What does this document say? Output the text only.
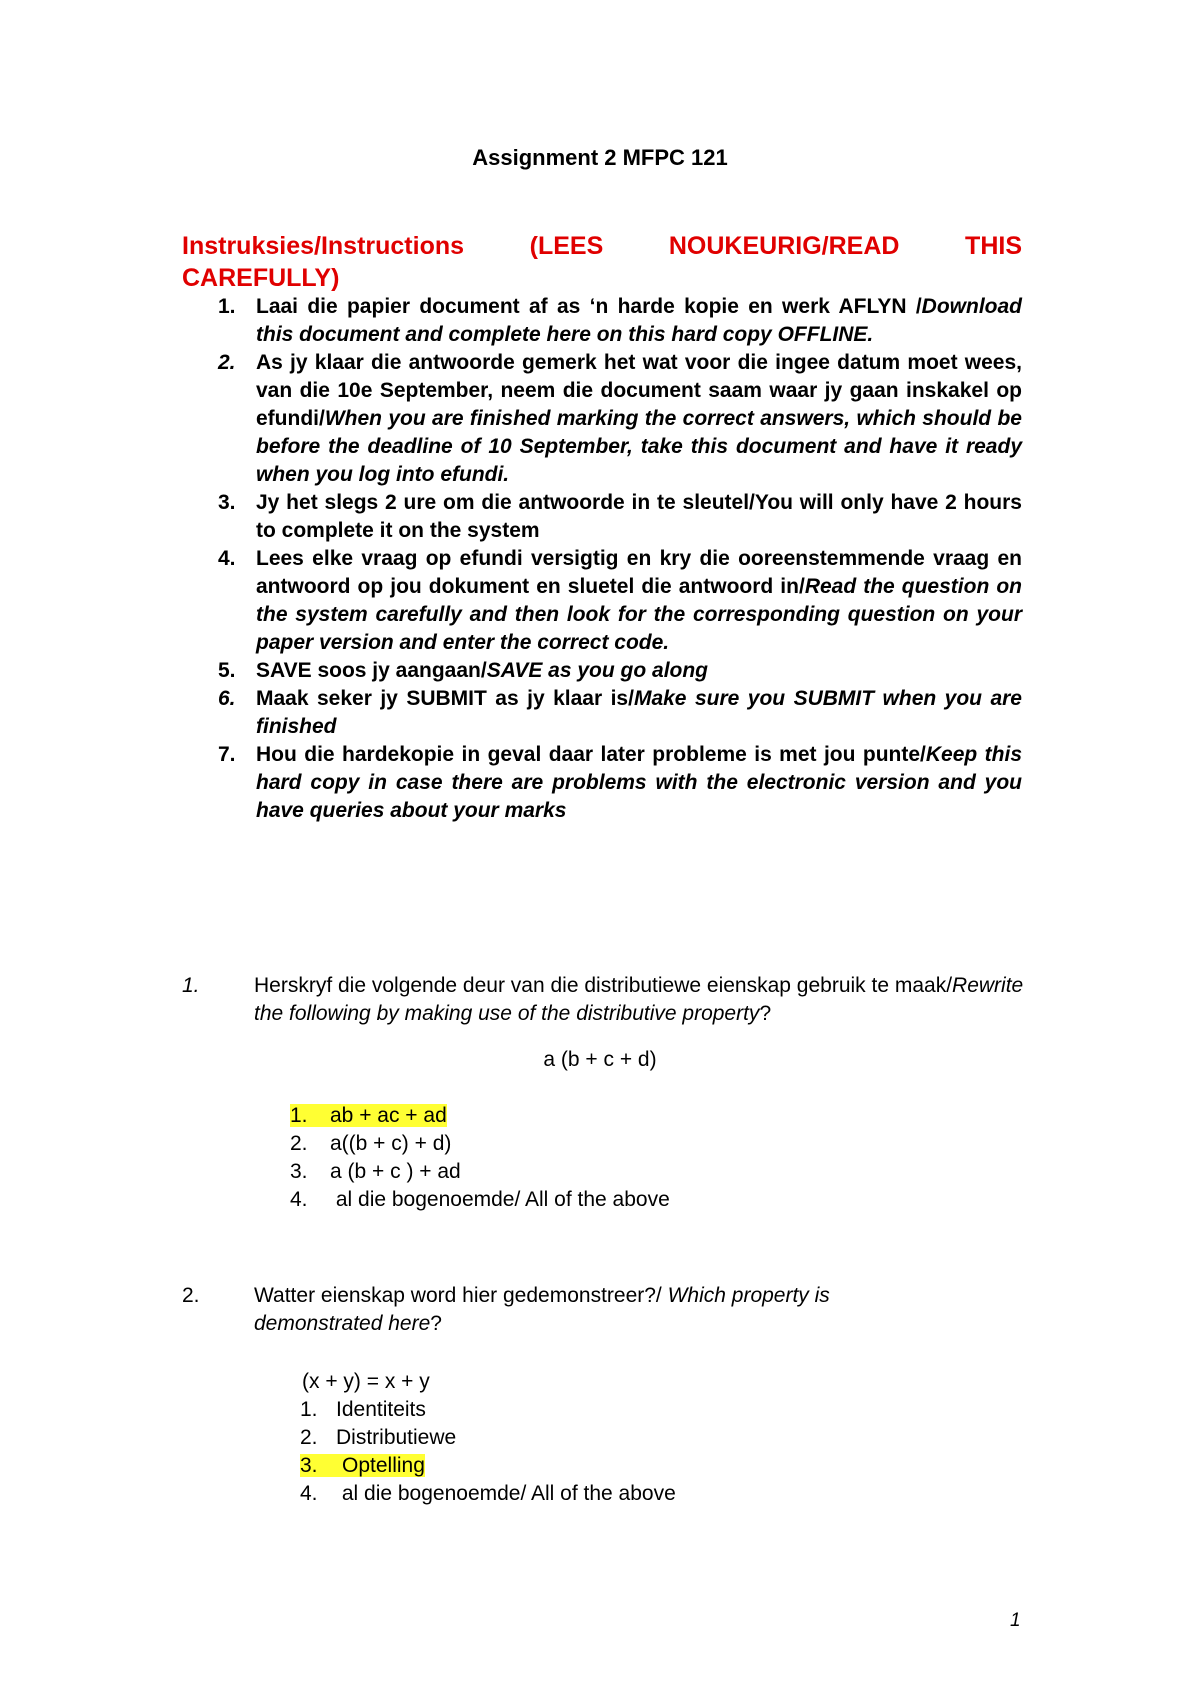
Assignment 2 MFPC 121
Instruksies/Instructions (LEES NOUKEURIG/READ THIS
CAREFULLY)
1. Laai die papier document af as ‘n harde kopie en werk AFLYN /Download this document and complete here on this hard copy OFFLINE.
2. As jy klaar die antwoorde gemerk het wat voor die ingee datum moet wees, van die 10e September, neem die document saam waar jy gaan inskakel op efundi/When you are finished marking the correct answers, which should be before the deadline of 10 September, take this document and have it ready when you log into efundi.
3. Jy het slegs 2 ure om die antwoorde in te sleutel/You will only have 2 hours to complete it on the system
4. Lees elke vraag op efundi versigtig en kry die ooreenstemmende vraag en antwoord op jou dokument en sluetel die antwoord in/Read the question on the system carefully and then look for the corresponding question on your paper version and enter the correct code.
5. SAVE soos jy aangaan/SAVE as you go along
6. Maak seker jy SUBMIT as jy klaar is/Make sure you SUBMIT when you are finished
7. Hou die hardekopie in geval daar later probleme is met jou punte/Keep this hard copy in case there are problems with the electronic version and you have queries about your marks
1.	Herskryf die volgende deur van die distributiewe eienskap gebruik te maak/Rewrite the following by making use of the distributive property?
a (b + c + d)
1. ab + ac + ad
2. a((b + c) + d)
3. a (b + c ) + ad
4. al die bogenoemde/ All of the above
2.	Watter eienskap word hier gedemonstreer?/ Which property is demonstrated here?
(x + y) = x + y
1. Identiteits
2. Distributiewe
3. Optelling
4. al die bogenoemde/ All of the above
1
